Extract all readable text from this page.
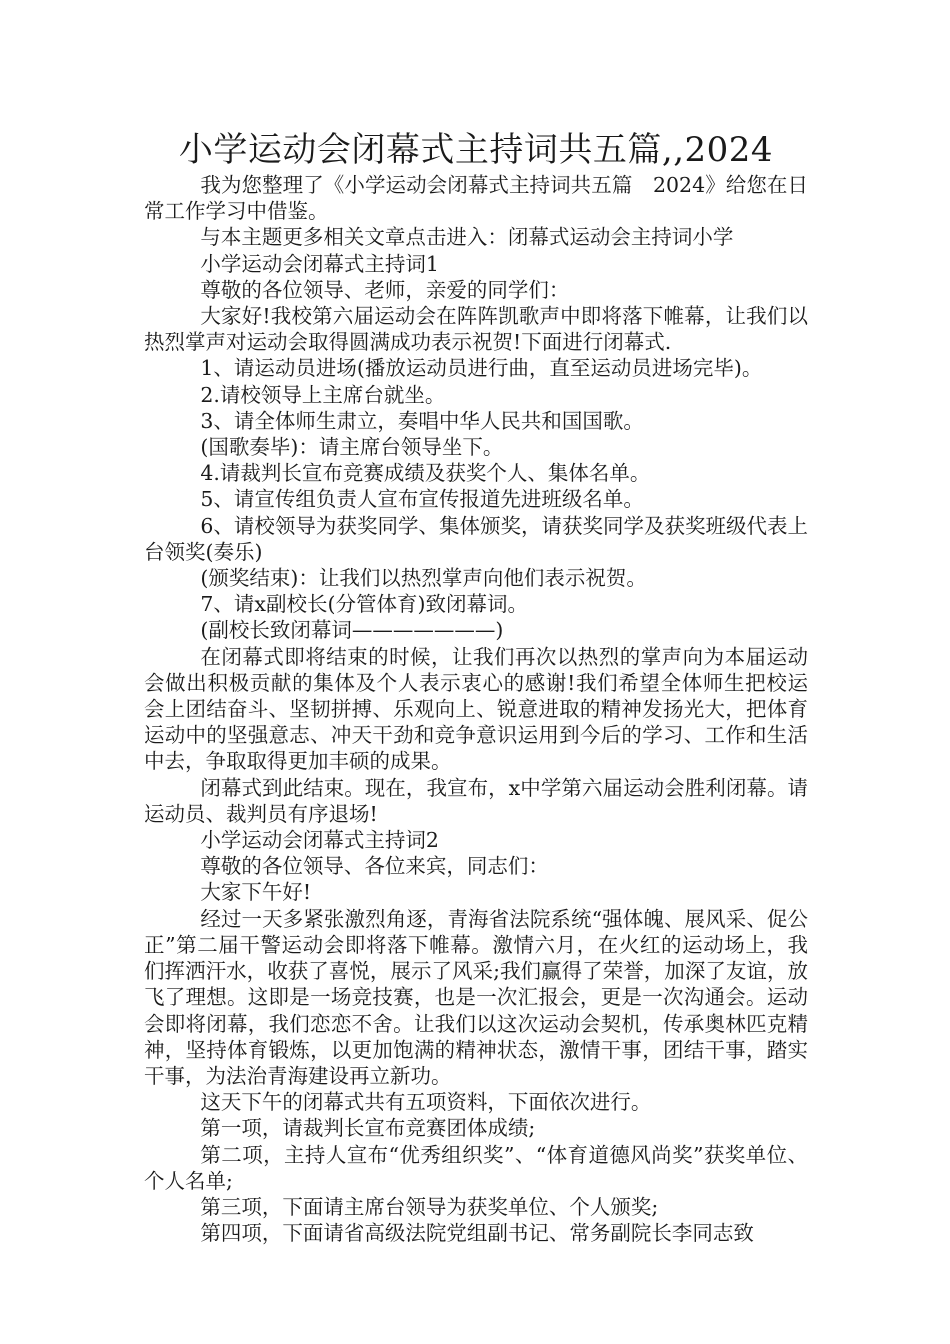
小学运动会闭幕式主持词共五篇,,2024

我为您整理了《小学运动会闭幕式主持词共五篇　2024》给您在日常工作学习中借鉴。

与本主题更多相关文章点击进入：闭幕式运动会主持词小学

小学运动会闭幕式主持词1

尊敬的各位领导、老师，亲爱的同学们：

大家好!我校第六届运动会在阵阵凯歌声中即将落下帷幕，让我们以热烈掌声对运动会取得圆满成功表示祝贺!下面进行闭幕式.

1、请运动员进场(播放运动员进行曲，直至运动员进场完毕)。

2.请校领导上主席台就坐。

3、请全体师生肃立，奏唱中华人民共和国国歌。

(国歌奏毕)：请主席台领导坐下。

4.请裁判长宣布竞赛成绩及获奖个人、集体名单。

5、请宣传组负责人宣布宣传报道先进班级名单。

6、请校领导为获奖同学、集体颁奖，请获奖同学及获奖班级代表上台领奖(奏乐)

(颁奖结束)：让我们以热烈掌声向他们表示祝贺。

7、请x副校长(分管体育)致闭幕词。

(副校长致闭幕词———————)

在闭幕式即将结束的时候，让我们再次以热烈的掌声向为本届运动会做出积极贡献的集体及个人表示衷心的感谢!我们希望全体师生把校运会上团结奋斗、坚韧拼搏、乐观向上、锐意进取的精神发扬光大，把体育运动中的坚强意志、冲天干劲和竞争意识运用到今后的学习、工作和生活中去，争取取得更加丰硕的成果。

闭幕式到此结束。现在，我宣布，x中学第六届运动会胜利闭幕。请运动员、裁判员有序退场!

小学运动会闭幕式主持词2

尊敬的各位领导、各位来宾，同志们：

大家下午好!

经过一天多紧张激烈角逐，青海省法院系统“强体魄、展风采、促公正”第二届干警运动会即将落下帷幕。激情六月，在火红的运动场上，我们挥洒汗水，收获了喜悦，展示了风采;我们赢得了荣誉，加深了友谊，放飞了理想。这即是一场竞技赛，也是一次汇报会，更是一次沟通会。运动会即将闭幕，我们恋恋不舍。让我们以这次运动会契机，传承奥林匹克精神，坚持体育锻炼，以更加饱满的精神状态，激情干事，团结干事，踏实干事，为法治青海建设再立新功。

这天下午的闭幕式共有五项资料，下面依次进行。

第一项，请裁判长宣布竞赛团体成绩;

第二项，主持人宣布“优秀组织奖”、“体育道德风尚奖”获奖单位、个人名单;

第三项，下面请主席台领导为获奖单位、个人颁奖;

第四项，下面请省高级法院党组副书记、常务副院长李同志致
